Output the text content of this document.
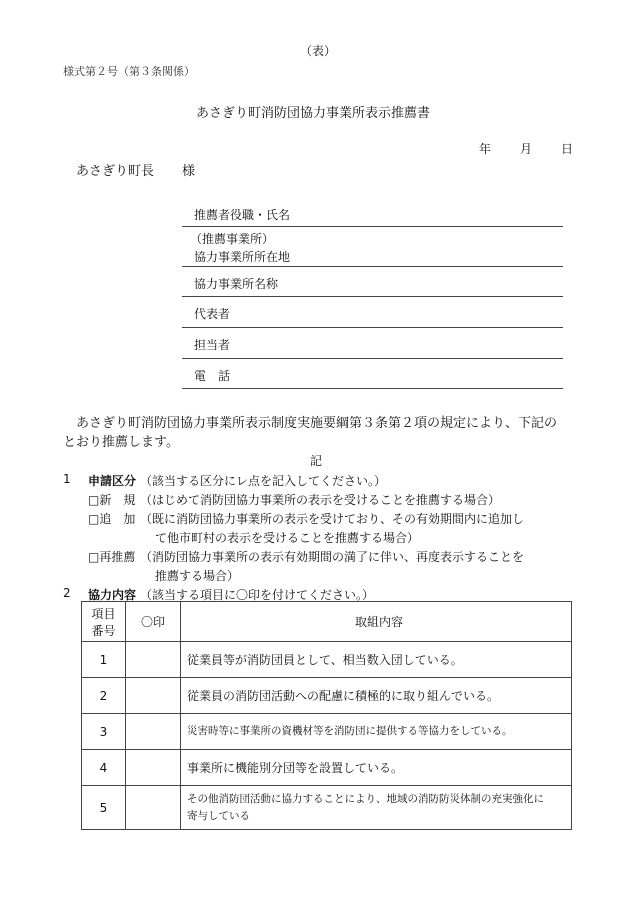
（表）
様式第２号（第３条関係）
あさぎり町消防団協力事業所表示推薦書
年 月 日
あさぎり町長 様
推薦者役職・氏名
（推薦事業所）
協力事業所所在地
協力事業所名称
代表者
担当者
電　話
あさぎり町消防団協力事業所表示制度実施要綱第３条第２項の規定により、下記の
とおり推薦します。
記
1 申請区分 （該当する区分にレ点を記入してください。）
□新　規 （はじめて消防団協力事業所の表示を受けることを推薦する場合）
□追　加 （既に消防団協力事業所の表示を受けており、その有効期間内に追加し
て他市町村の表示を受けることを推薦する場合）
□再推薦 （消防団協力事業所の表示有効期間の満了に伴い、再度表示することを
推薦する場合）
2 協力内容 （該当する項目に〇印を付けてください。）
項目
番号	〇印	取組内容
1		従業員等が消防団員として、相当数入団している。
2		従業員の消防団活動への配慮に積極的に取り組んでいる。
3		災害時等に事業所の資機材等を消防団に提供する等協力をしている。
4		事業所に機能別分団等を設置している。
5		その他消防団活動に協力することにより、地域の消防防災体制の充実強化に
寄与している
